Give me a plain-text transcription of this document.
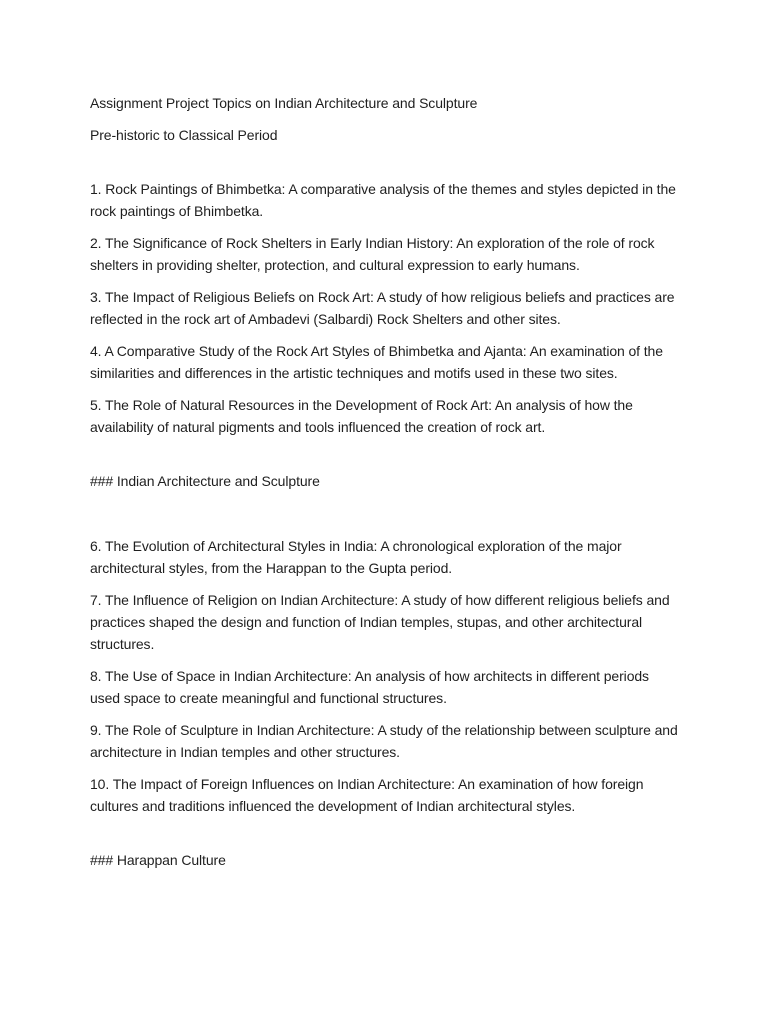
Assignment Project Topics on Indian Architecture and Sculpture

Pre-historic to Classical Period

1. Rock Paintings of Bhimbetka: A comparative analysis of the themes and styles depicted in the rock paintings of Bhimbetka.

2. The Significance of Rock Shelters in Early Indian History: An exploration of the role of rock shelters in providing shelter, protection, and cultural expression to early humans.

3. The Impact of Religious Beliefs on Rock Art: A study of how religious beliefs and practices are reflected in the rock art of Ambadevi (Salbardi) Rock Shelters and other sites.

4. A Comparative Study of the Rock Art Styles of Bhimbetka and Ajanta: An examination of the similarities and differences in the artistic techniques and motifs used in these two sites.

5. The Role of Natural Resources in the Development of Rock Art: An analysis of how the availability of natural pigments and tools influenced the creation of rock art.

### Indian Architecture and Sculpture

6. The Evolution of Architectural Styles in India: A chronological exploration of the major architectural styles, from the Harappan to the Gupta period.

7. The Influence of Religion on Indian Architecture: A study of how different religious beliefs and practices shaped the design and function of Indian temples, stupas, and other architectural structures.

8. The Use of Space in Indian Architecture: An analysis of how architects in different periods used space to create meaningful and functional structures.

9. The Role of Sculpture in Indian Architecture: A study of the relationship between sculpture and architecture in Indian temples and other structures.

10. The Impact of Foreign Influences on Indian Architecture: An examination of how foreign cultures and traditions influenced the development of Indian architectural styles.

### Harappan Culture
